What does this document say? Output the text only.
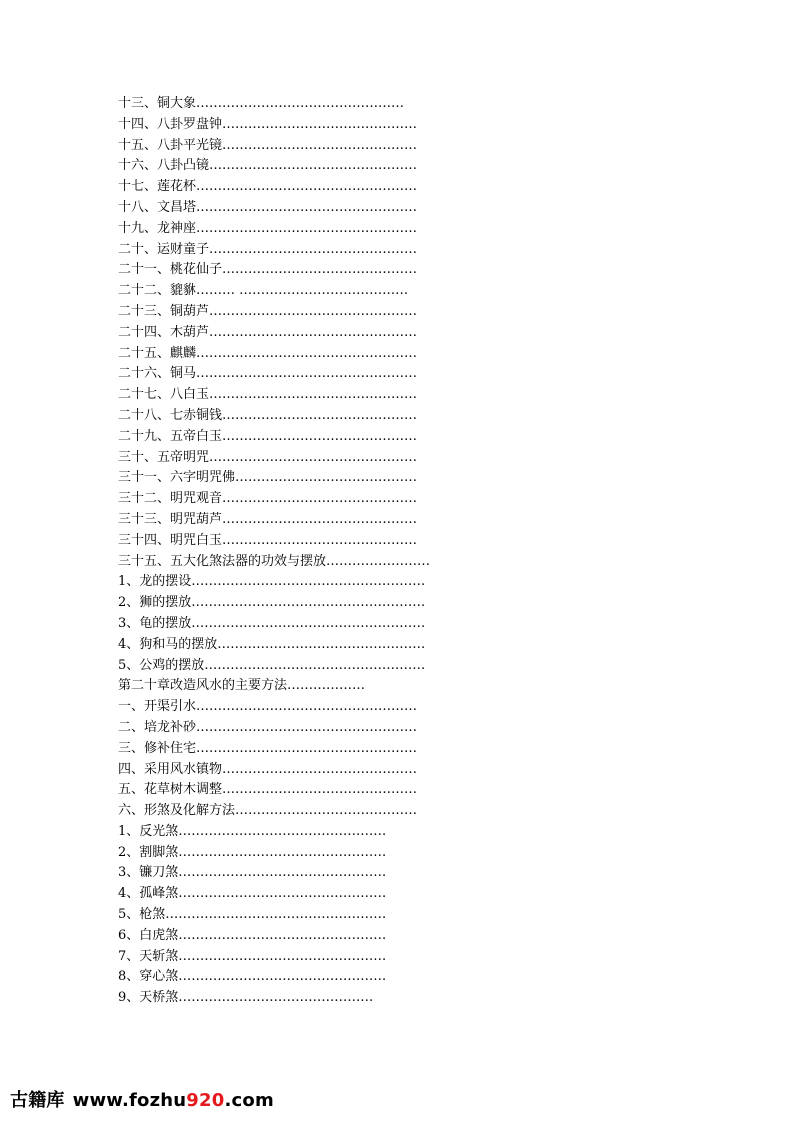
十三、铜大象…………………………………………
十四、八卦罗盘钟………………………………………
十五、八卦平光镜………………………………………
十六、八卦凸镜…………………………………………
十七、莲花杯……………………………………………
十八、文昌塔……………………………………………
十九、龙神座……………………………………………
二十、运财童子…………………………………………
二十一、桃花仙子………………………………………
二十二、貔貅……… …………………………………
二十三、铜葫芦…………………………………………
二十四、木葫芦…………………………………………
二十五、麒麟……………………………………………
二十六、铜马……………………………………………
二十七、八白玉…………………………………………
二十八、七赤铜钱………………………………………
二十九、五帝白玉………………………………………
三十、五帝明咒…………………………………………
三十一、六字明咒佛……………………………………
三十二、明咒观音………………………………………
三十三、明咒葫芦………………………………………
三十四、明咒白玉………………………………………
三十五、五大化煞法器的功效与摆放……………………
1、龙的摆设………………………………………………
2、狮的摆放………………………………………………
3、龟的摆放………………………………………………
4、狗和马的摆放…………………………………………
5、公鸡的摆放……………………………………………
第二十章改造风水的主要方法………………
一、开渠引水……………………………………………
二、培龙补砂……………………………………………
三、修补住宅……………………………………………
四、采用风水镇物………………………………………
五、花草树木调整………………………………………
六、形煞及化解方法……………………………………
1、反光煞…………………………………………
2、割脚煞…………………………………………
3、镰刀煞…………………………………………
4、孤峰煞…………………………………………
5、枪煞……………………………………………
6、白虎煞…………………………………………
7、天斩煞…………………………………………
8、穿心煞…………………………………………
9、天桥煞………………………………………
古籍库 www.fozhu920.com
